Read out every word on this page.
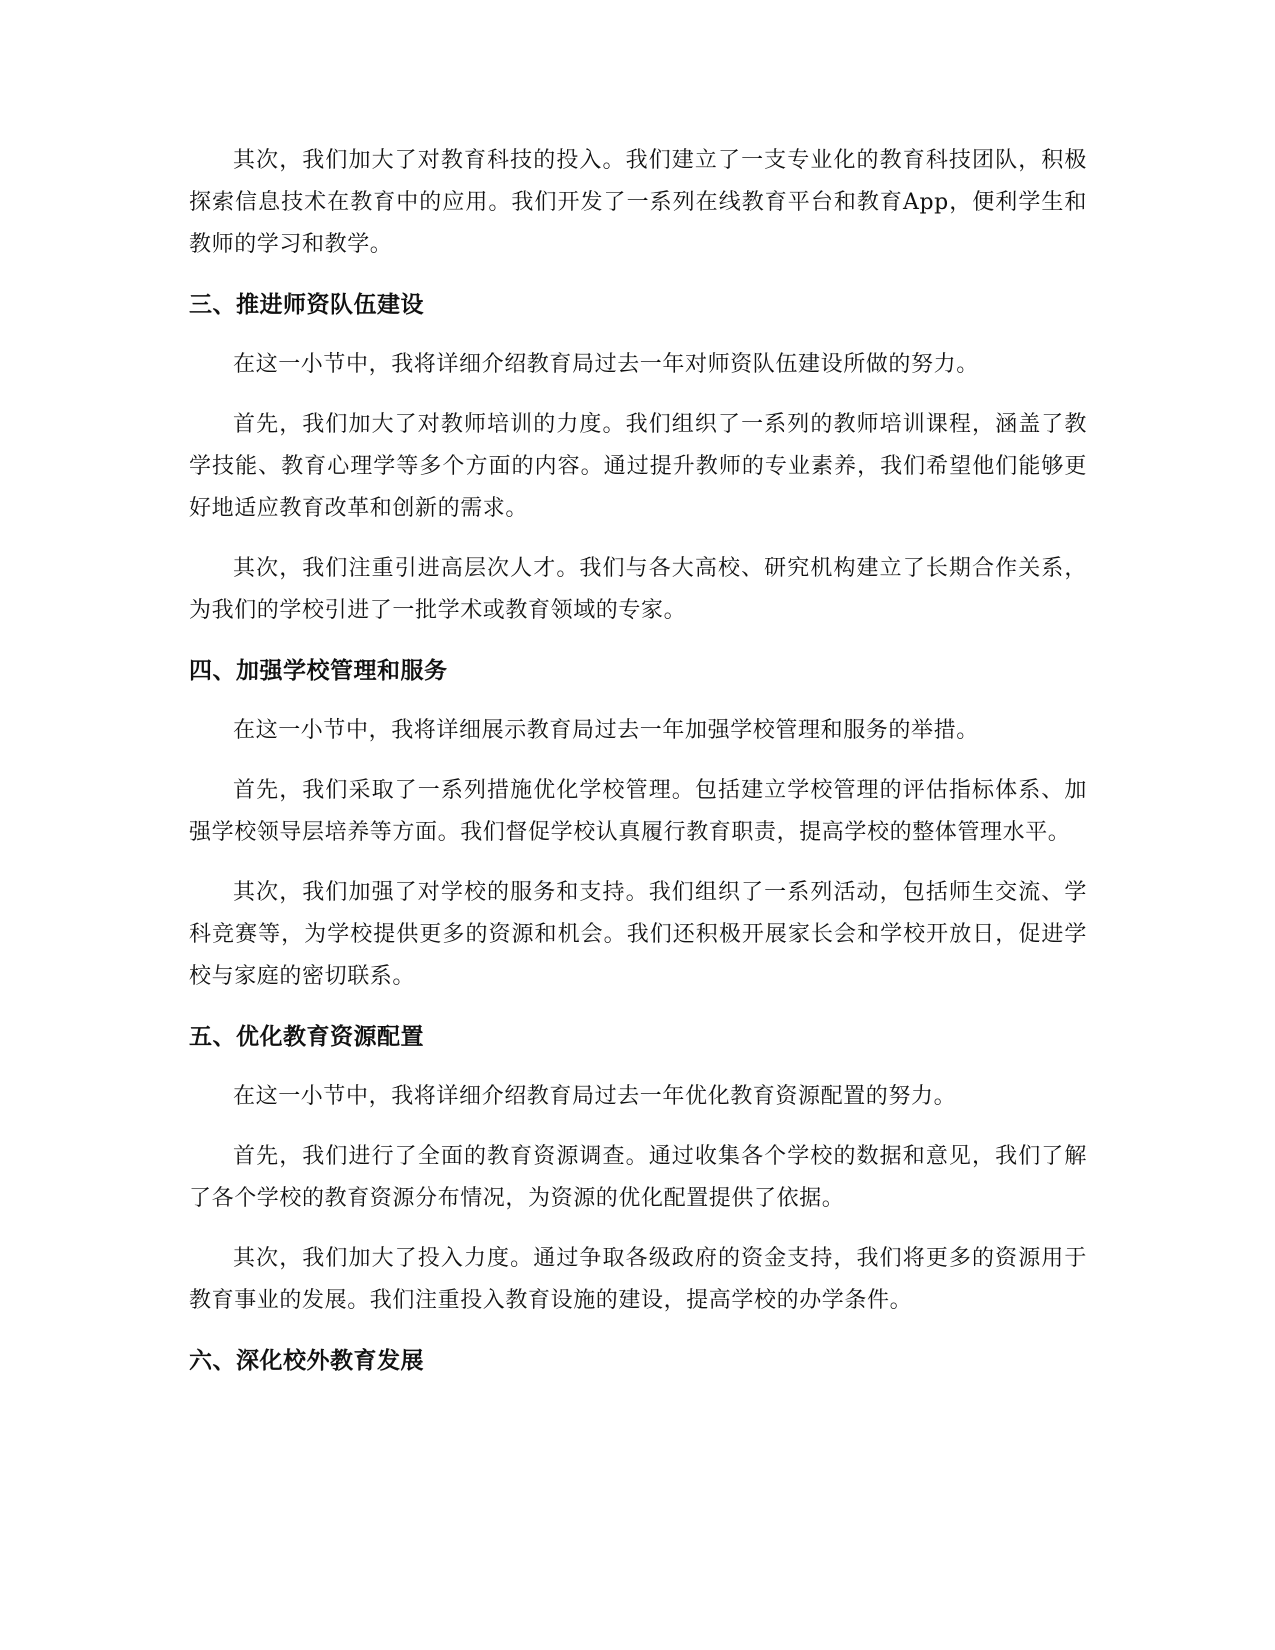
其次，我们加大了对教育科技的投入。我们建立了一支专业化的教育科技团队，积极探索信息技术在教育中的应用。我们开发了一系列在线教育平台和教育App，便利学生和教师的学习和教学。

三、推进师资队伍建设

在这一小节中，我将详细介绍教育局过去一年对师资队伍建设所做的努力。

首先，我们加大了对教师培训的力度。我们组织了一系列的教师培训课程，涵盖了教学技能、教育心理学等多个方面的内容。通过提升教师的专业素养，我们希望他们能够更好地适应教育改革和创新的需求。

其次，我们注重引进高层次人才。我们与各大高校、研究机构建立了长期合作关系，为我们的学校引进了一批学术或教育领域的专家。

四、加强学校管理和服务

在这一小节中，我将详细展示教育局过去一年加强学校管理和服务的举措。

首先，我们采取了一系列措施优化学校管理。包括建立学校管理的评估指标体系、加强学校领导层培养等方面。我们督促学校认真履行教育职责，提高学校的整体管理水平。

其次，我们加强了对学校的服务和支持。我们组织了一系列活动，包括师生交流、学科竞赛等，为学校提供更多的资源和机会。我们还积极开展家长会和学校开放日，促进学校与家庭的密切联系。

五、优化教育资源配置

在这一小节中，我将详细介绍教育局过去一年优化教育资源配置的努力。

首先，我们进行了全面的教育资源调查。通过收集各个学校的数据和意见，我们了解了各个学校的教育资源分布情况，为资源的优化配置提供了依据。

其次，我们加大了投入力度。通过争取各级政府的资金支持，我们将更多的资源用于教育事业的发展。我们注重投入教育设施的建设，提高学校的办学条件。

六、深化校外教育发展
